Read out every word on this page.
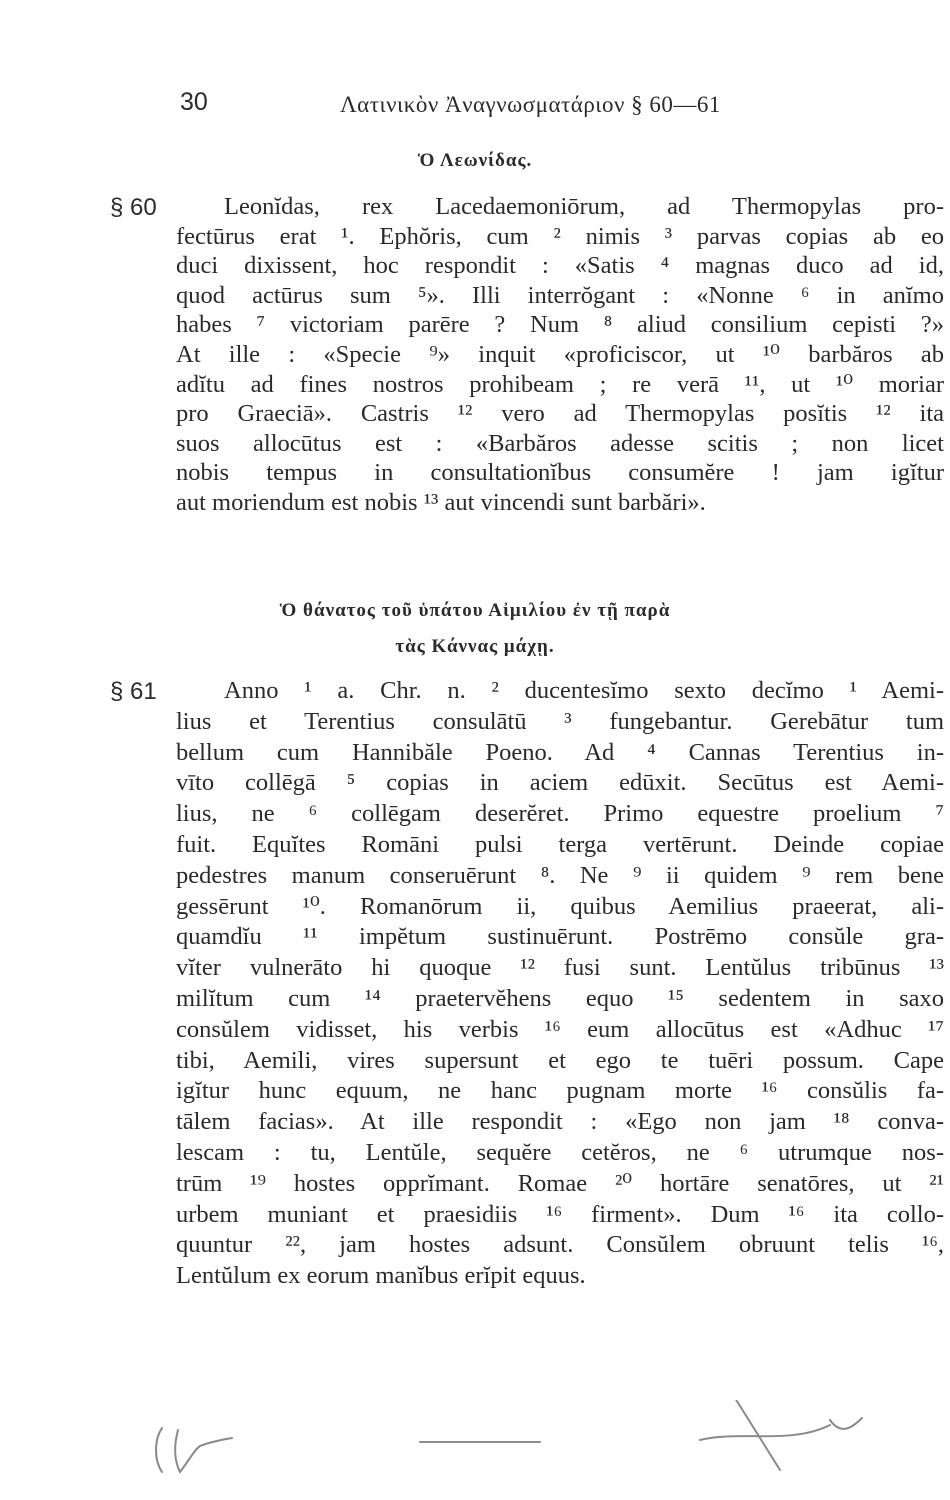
30	Λατινικὸν Ἀναγνωσματάριον § 60—61
Ὁ Λεωνίδας.
§ 60	Leonĭdas, rex Lacedaemoniōrum, ad Thermopylas pro-
fectūrus erat ¹. Ephŏris, cum ² nimis ³ parvas copias ab eo
duci dixissent, hoc respondit : «Satis ⁴ magnas duco ad id,
quod actūrus sum ⁵». Illi interrŏgant : «Nonne ⁶ in anĭmo
habes ⁷ victoriam parēre ? Num ⁸ aliud consilium cepisti ?»
At ille : «Specie ⁹» inquit «proficiscor, ut ¹⁰ barbăros ab
adĭtu ad fines nostros prohibeam ; re verā ¹¹, ut ¹⁰ moriar
pro Graeciā». Castris ¹² vero ad Thermopylas posĭtis ¹² ita
suos allocūtus est : «Barbăros adesse scitis ; non licet
nobis tempus in consultationĭbus consumĕre ! jam igĭtur
aut moriendum est nobis ¹³ aut vincendi sunt barbări».
Ὁ θάνατος τοῦ ὑπάτου Αἰμιλίου ἐν τῇ παρὰ
τὰς Κάννας μάχῃ.
§ 61	Anno ¹ a. Chr. n. ² ducentesĭmo sexto decĭmo ¹ Aemi-
lius et Terentius consulātū ³ fungebantur. Gerebātur tum
bellum cum Hannibăle Poeno. Ad ⁴ Cannas Terentius in-
vīto collēgā ⁵ copias in aciem edūxit. Secūtus est Aemi-
lius, ne ⁶ collēgam deserĕret. Primo equestre proelium ⁷
fuit. Equĭtes Romāni pulsi terga vertērunt. Deinde copiae
pedestres manum conseruērunt ⁸. Ne ⁹ ii quidem ⁹ rem bene
gessērunt ¹⁰. Romanōrum ii, quibus Aemilius praeerat, ali-
quamdĭu ¹¹ impĕtum sustinuērunt. Postrēmo consŭle gra-
vĭter vulnerāto hi quoque ¹² fusi sunt. Lentŭlus tribūnus ¹³
milĭtum cum ¹⁴ praetervĕhens equo ¹⁵ sedentem in saxo
consŭlem vidisset, his verbis ¹⁶ eum allocūtus est «Adhuc ¹⁷
tibi, Aemili, vires supersunt et ego te tuēri possum. Cape
igĭtur hunc equum, ne hanc pugnam morte ¹⁶ consŭlis fa-
tālem facias». At ille respondit : «Ego non jam ¹⁸ conva-
lescam : tu, Lentŭle, sequĕre cetĕros, ne ⁶ utrumque nos-
trūm ¹⁹ hostes opprĭmant. Romae ²⁰ hortāre senatōres, ut ²¹
urbem muniant et praesidiis ¹⁶ firment». Dum ¹⁶ ita collo-
quuntur ²², jam hostes adsunt. Consŭlem obruunt telis ¹⁶,
Lentŭlum ex eorum manĭbus erĭpit equus.
